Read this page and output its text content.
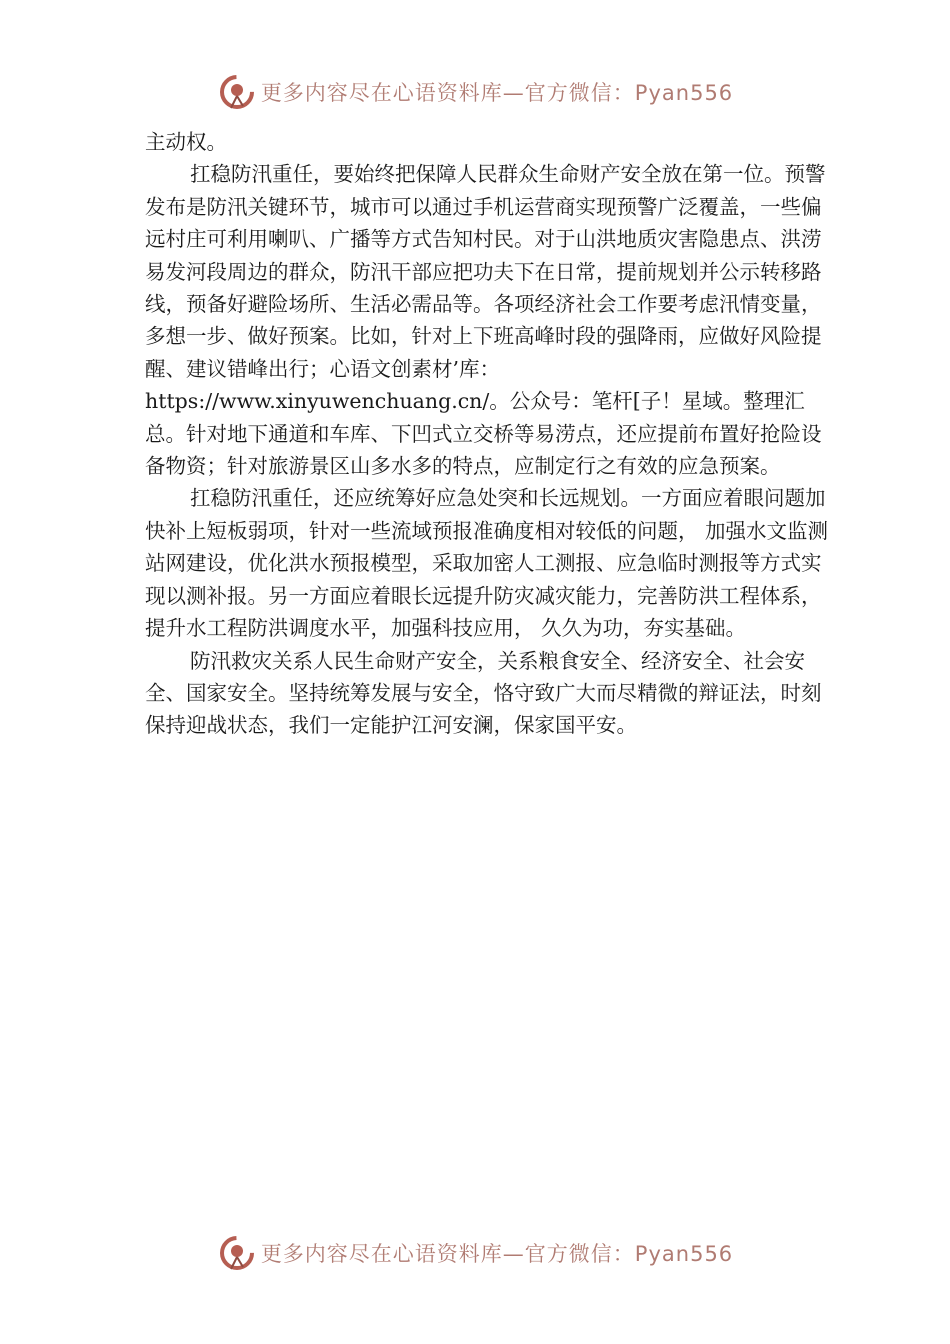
更多内容尽在心语资料库—官方微信：Pyan556

主动权。

扛稳防汛重任，要始终把保障人民群众生命财产安全放在第一位。预警发布是防汛关键环节，城市可以通过手机运营商实现预警广泛覆盖，一些偏远村庄可利用喇叭、广播等方式告知村民。对于山洪地质灾害隐患点、洪涝易发河段周边的群众，防汛干部应把功夫下在日常，提前规划并公示转移路线，预备好避险场所、生活必需品等。各项经济社会工作要考虑汛情变量，多想一步、做好预案。比如，针对上下班高峰时段的强降雨，应做好风险提醒、建议错峰出行；心语文创素材’库：https://www.xinyuwenchuang.cn/。公众号：笔杆[子！星域。整理汇总。针对地下通道和车库、下凹式立交桥等易涝点，还应提前布置好抢险设备物资；针对旅游景区山多水多的特点，应制定行之有效的应急预案。

扛稳防汛重任，还应统筹好应急处突和长远规划。一方面应着眼问题加快补上短板弱项，针对一些流域预报准确度相对较低的问题， 加强水文监测站网建设，优化洪水预报模型，采取加密人工测报、应急临时测报等方式实现以测补报。另一方面应着眼长远提升防灾减灾能力，完善防洪工程体系，提升水工程防洪调度水平，加强科技应用， 久久为功，夯实基础。

防汛救灾关系人民生命财产安全，关系粮食安全、经济安全、社会安全、国家安全。坚持统筹发展与安全，恪守致广大而尽精微的辩证法，时刻保持迎战状态，我们一定能护江河安澜，保家国平安。

更多内容尽在心语资料库—官方微信：Pyan556
